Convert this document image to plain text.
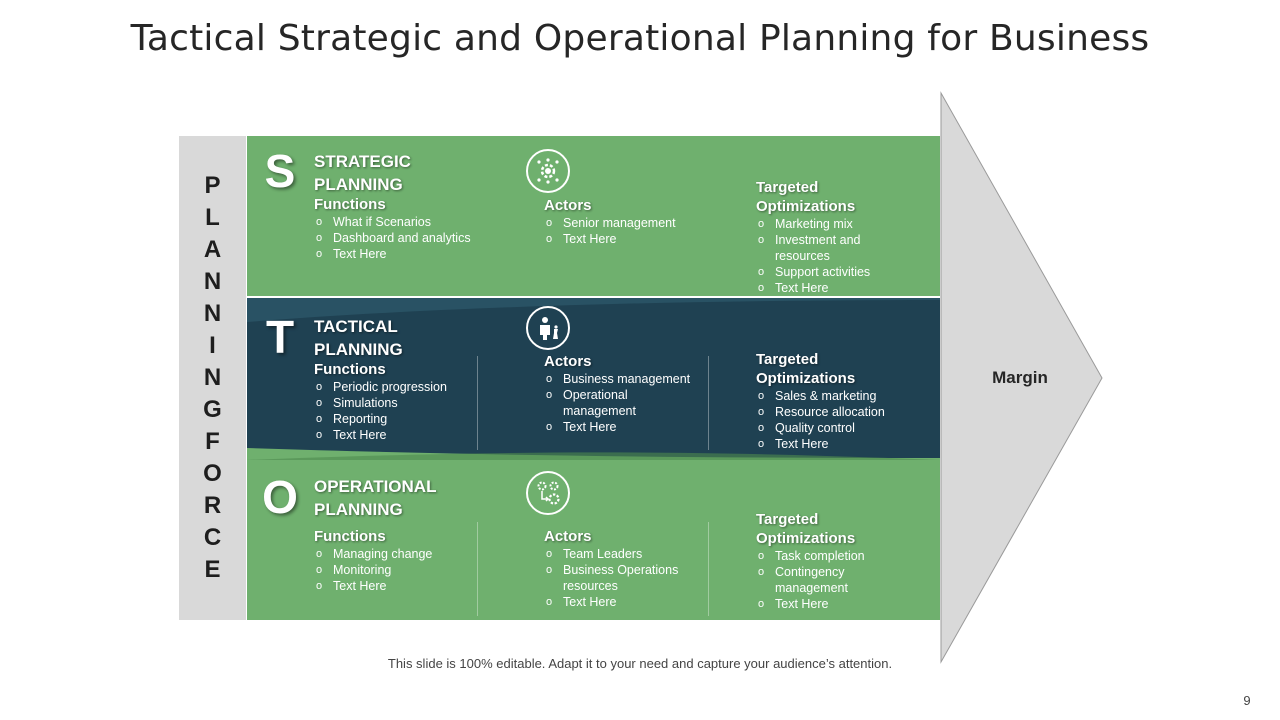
Tactical Strategic and Operational Planning for Business
P
L
A
N
N
I
N
G
F
O
R
C
E
S	STRATEGIC
PLANNING
Functions
o What if Scenarios
o Dashboard and analytics
o Text Here
Actors
o Senior management
o Text Here
Targeted
Optimizations
o Marketing mix
o Investment and resources
o Support activities
o Text Here
T	TACTICAL
PLANNING
Functions
o Periodic progression
o Simulations
o Reporting
o Text Here
Actors
o Business management
o Operational management
o Text Here
Targeted
Optimizations
o Sales & marketing
o Resource allocation
o Quality control
o Text Here
O OPERATIONAL
PLANNING
Functions
o Managing change
o Monitoring
o Text Here
Actors
o Team Leaders
o Business Operations resources
o Text Here
Targeted
Optimizations
o Task completion
o Contingency management
o Text Here
Margin
This slide is 100% editable. Adapt it to your need and capture your audience’s attention.
9
